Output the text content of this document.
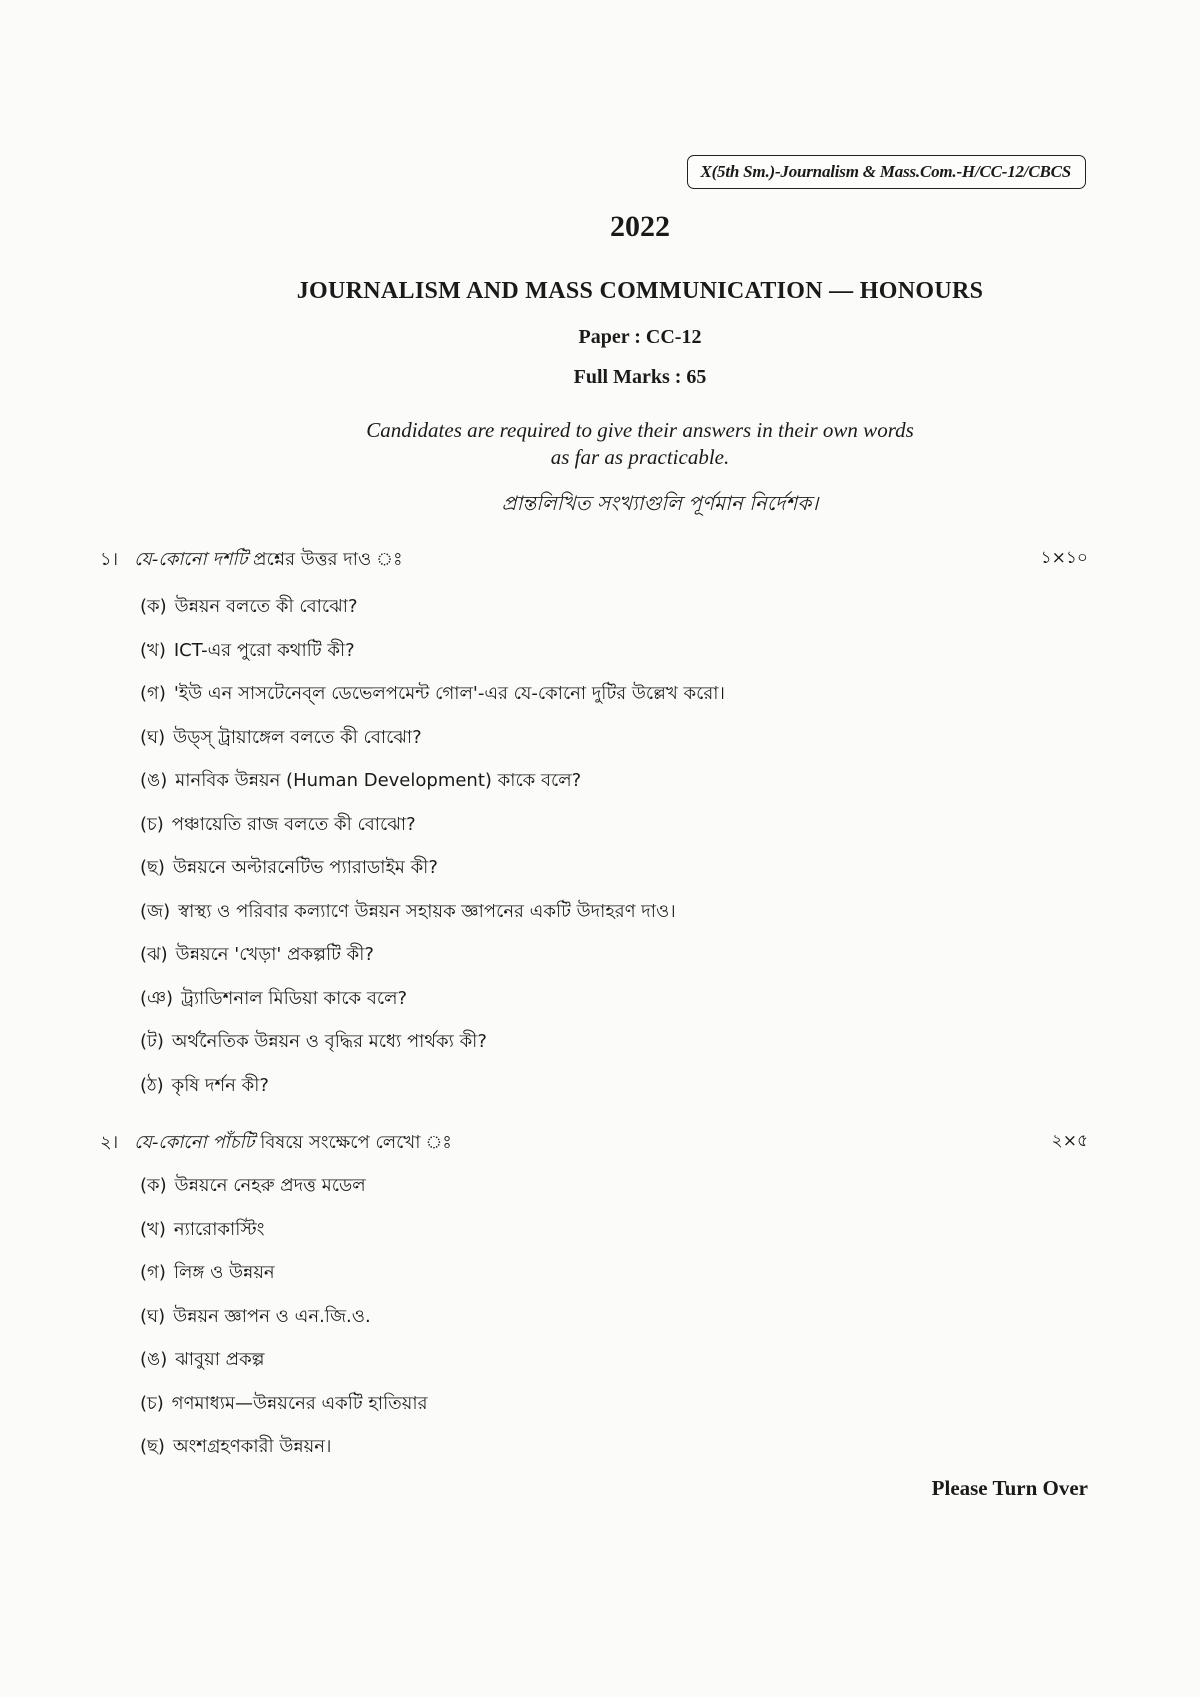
X(5th Sm.)-Journalism & Mass.Com.-H/CC-12/CBCS
2022
JOURNALISM AND MASS COMMUNICATION — HONOURS
Paper : CC-12
Full Marks : 65
Candidates are required to give their answers in their own words
as far as practicable.
প্রান্তলিখিত সংখ্যাগুলি পূর্ণমান নির্দেশক।
১। যে-কোনো দশটি প্রশ্নের উত্তর দাও ঃ	১×১০
(ক) উন্নয়ন বলতে কী বোঝো?
(খ) ICT-এর পুরো কথাটি কী?
(গ) 'ইউ এন সাসটেনেব্‌ল ডেভেলপমেন্ট গোল'-এর যে-কোনো দুটির উল্লেখ করো।
(ঘ) উড্‌স্‌ ট্রায়াঙ্গেল বলতে কী বোঝো?
(ঙ) মানবিক উন্নয়ন (Human Development) কাকে বলে?
(চ) পঞ্চায়েতি রাজ বলতে কী বোঝো?
(ছ) উন্নয়নে অল্টারনেটিভ প্যারাডাইম কী?
(জ) স্বাস্থ্য ও পরিবার কল্যাণে উন্নয়ন সহায়ক জ্ঞাপনের একটি উদাহরণ দাও।
(ঝ) উন্নয়নে 'খেড়া' প্রকল্পটি কী?
(ঞ) ট্র্যাডিশনাল মিডিয়া কাকে বলে?
(ট) অর্থনৈতিক উন্নয়ন ও বৃদ্ধির মধ্যে পার্থক্য কী?
(ঠ) কৃষি দর্শন কী?
২। যে-কোনো পাঁচটি বিষয়ে সংক্ষেপে লেখো ঃ	২×৫
(ক) উন্নয়নে নেহরু প্রদত্ত মডেল
(খ) ন্যারোকাস্টিং
(গ) লিঙ্গ ও উন্নয়ন
(ঘ) উন্নয়ন জ্ঞাপন ও এন.জি.ও.
(ঙ) ঝাবুয়া প্রকল্প
(চ) গণমাধ্যম—উন্নয়নের একটি হাতিয়ার
(ছ) অংশগ্রহণকারী উন্নয়ন।
Please Turn Over
